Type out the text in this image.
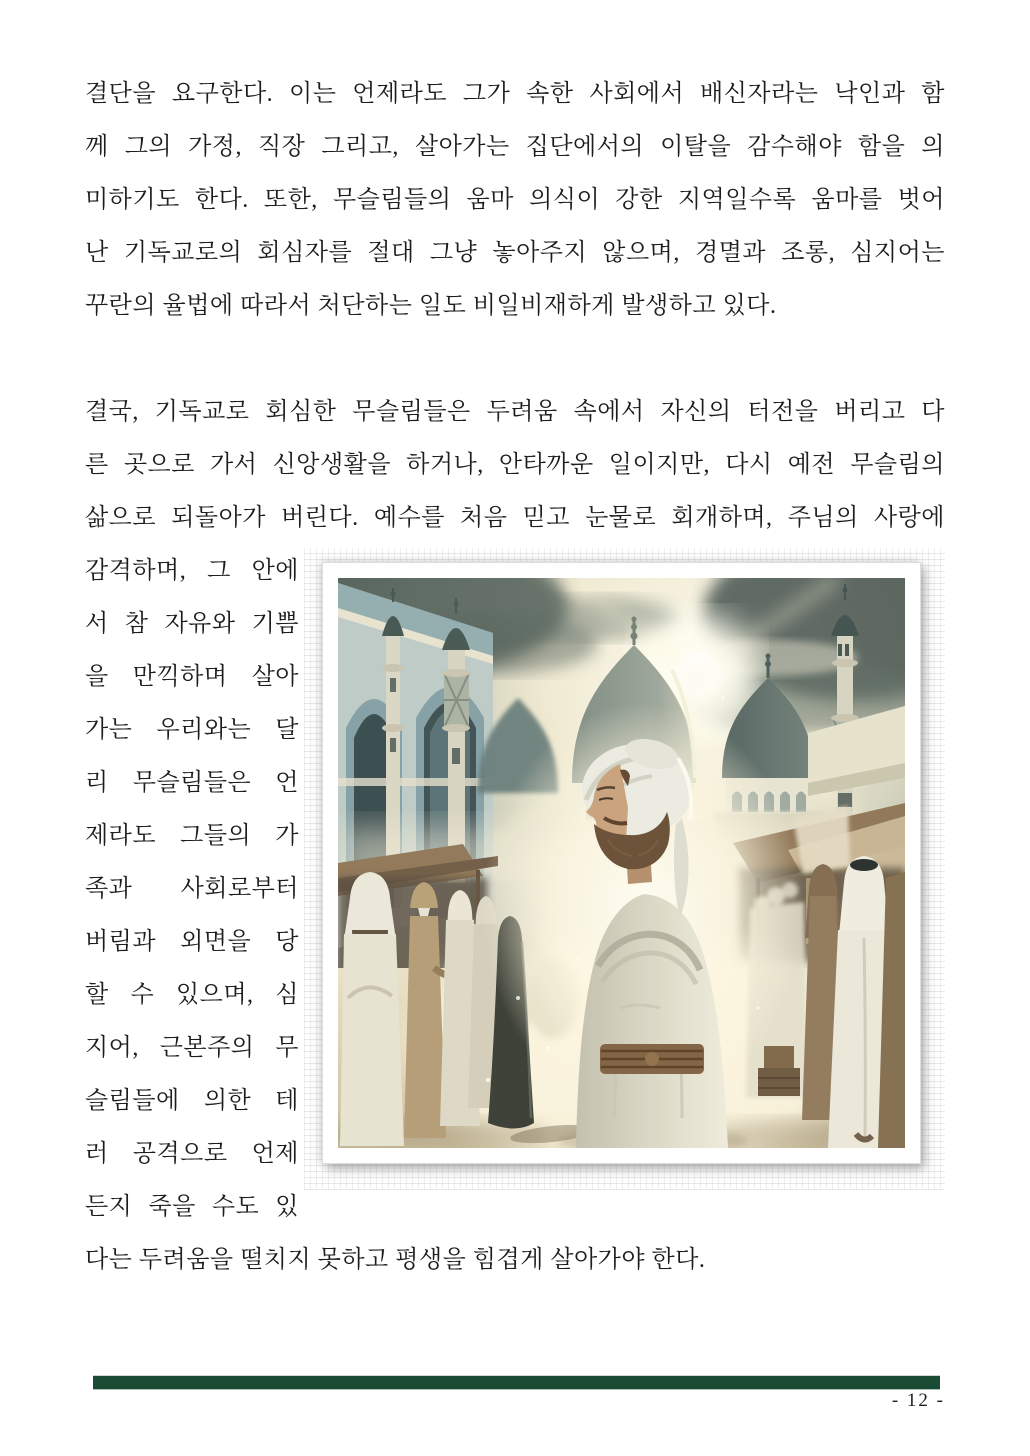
결단을 요구한다. 이는 언제라도 그가 속한 사회에서 배신자라는 낙인과 함
께 그의 가정, 직장 그리고, 살아가는 집단에서의 이탈을 감수해야 함을 의
미하기도 한다. 또한, 무슬림들의 움마 의식이 강한 지역일수록 움마를 벗어
난 기독교로의 회심자를 절대 그냥 놓아주지 않으며, 경멸과 조롱, 심지어는
꾸란의 율법에 따라서 처단하는 일도 비일비재하게 발생하고 있다.
결국, 기독교로 회심한 무슬림들은 두려움 속에서 자신의 터전을 버리고 다
른 곳으로 가서 신앙생활을 하거나, 안타까운 일이지만, 다시 예전 무슬림의
삶으로 되돌아가 버린다. 예수를 처음 믿고 눈물로 회개하며, 주님의 사랑에
감격하며, 그 안에
서 참 자유와 기쁨
을 만끽하며 살아
가는 우리와는 달
리 무슬림들은 언
제라도 그들의 가
족과 사회로부터
버림과 외면을 당
할 수 있으며, 심
지어, 근본주의 무
슬림들에 의한 테
러 공격으로 언제
든지 죽을 수도 있
다는 두려움을 떨치지 못하고 평생을 힘겹게 살아가야 한다.
- 12 -
